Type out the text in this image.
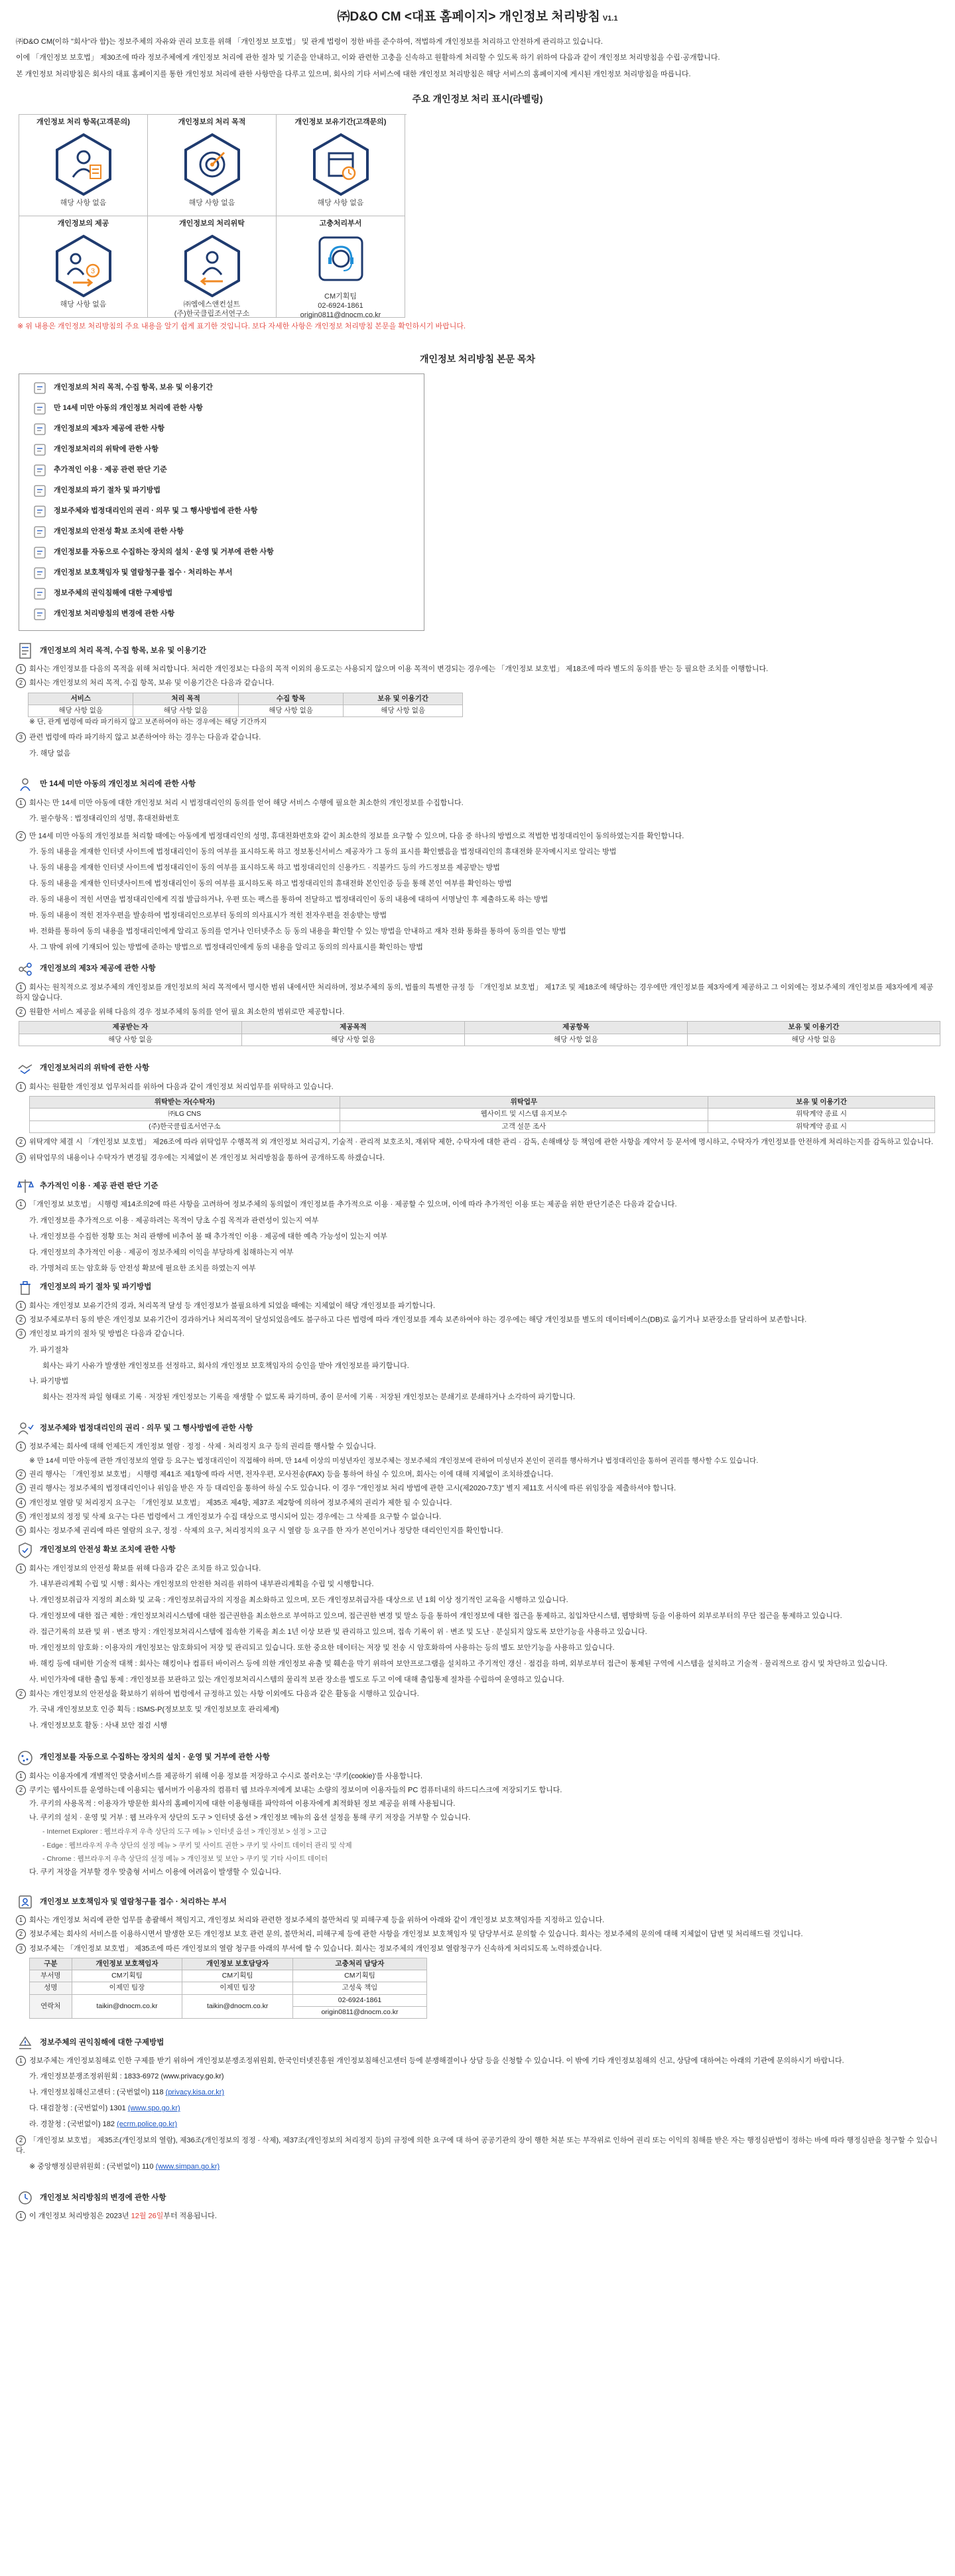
㈜D&O CM <대표 홈페이지> 개인정보 처리방침 V1.1

㈜D&O CM(이하 "회사"라 함)는 정보주체의 자유와 권리 보호를 위해 「개인정보 보호법」 및 관계 법령이 정한 바를 준수하여, 적법하게 개인정보를 처리하고 안전하게 관리하고 있습니다.

이에 「개인정보 보호법」 제30조에 따라 정보주체에게 개인정보 처리에 관한 절차 및 기준을 안내하고, 이와 관련한 고충을 신속하고 원활하게 처리할 수 있도록 하기 위하여 다음과 같이 개인정보 처리방침을 수립·공개합니다.

본 개인정보 처리방침은 회사의 대표 홈페이지를 통한 개인정보 처리에 관한 사항만을 다루고 있으며, 회사의 기타 서비스에 대한 개인정보 처리방침은 해당 서비스의 홈페이지에 게시된 개인정보 처리방침을 따릅니다.

주요 개인정보 처리 표시(라벨링)
개인정보 처리 항목(고객문의)
해당 사항 없음
개인정보의 처리 목적
해당 사항 없음
개인정보 보유기간(고객문의)
해당 사항 없음
개인정보의 제공
3
해당 사항 없음
개인정보의 처리위탁
㈜엠에스앤컨설트
(주)한국클립조서연구소
고충처리부서
CM기획팀
02-6924-1861
origin0811@dnocm.co.kr
※ 위 내용은 개인정보 처리방침의 주요 내용을 알기 쉽게 표기한 것입니다. 보다 자세한 사항은 개인정보 처리방침 본문을 확인하시기 바랍니다.
개인정보 처리방침 본문 목차
개인정보의 처리 목적, 수집 항목, 보유 및 이용기간
만 14세 미만 아동의 개인정보 처리에 관한 사항
개인정보의 제3자 제공에 관한 사항
개인정보처리의 위탁에 관한 사항
추가적인 이용 · 제공 관련 판단 기준
개인정보의 파기 절차 및 파기방법
정보주체와 법정대리인의 권리 · 의무 및 그 행사방법에 관한 사항
개인정보의 안전성 확보 조치에 관한 사항
개인정보를 자동으로 수집하는 장치의 설치 · 운영 및 거부에 관한 사항
개인정보 보호책임자 및 열람청구를 접수 · 처리하는 부서
정보주체의 권익침해에 대한 구제방법
개인정보 처리방침의 변경에 관한 사항
개인정보의 처리 목적, 수집 항목, 보유 및 이용기간
1 회사는 개인정보를 다음의 목적을 위해 처리합니다. 처리한 개인정보는 다음의 목적 이외의 용도로는 사용되지 않으며 이용 목적이 변경되는 경우에는 「개인정보 보호법」 제18조에 따라 별도의 동의를 받는 등 필요한 조치를 이행합니다.
2 회사는 개인정보의 처리 목적, 수집 항목, 보유 및 이용기간은 다음과 같습니다.
서비스	처리 목적	수집 항목	보유 및 이용기간
해당 사항 없음	해당 사항 없음	해당 사항 없음	해당 사항 없음
※ 단, 관계 법령에 따라 파기하지 않고 보존하여야 하는 경우에는 해당 기간까지
3 관련 법령에 따라 파기하지 않고 보존하여야 하는 경우는 다음과 같습니다.
가. 해당 없음
만 14세 미만 아동의 개인정보 처리에 관한 사항
1 회사는 만 14세 미만 아동에 대한 개인정보 처리 시 법정대리인의 동의를 얻어 해당 서비스 수행에 필요한 최소한의 개인정보를 수집합니다.
가. 필수항목 : 법정대리인의 성명, 휴대전화번호
2 만 14세 미만 아동의 개인정보를 처리할 때에는 아동에게 법정대리인의 성명, 휴대전화번호와 같이 최소한의 정보를 요구할 수 있으며, 다음 중 하나의 방법으로 적법한 법정대리인이 동의하였는지를 확인합니다.
가. 동의 내용을 게재한 인터넷 사이트에 법정대리인이 동의 여부를 표시하도록 하고 정보통신서비스 제공자가 그 동의 표시를 확인했음을 법정대리인의 휴대전화 문자메시지로 알리는 방법
나. 동의 내용을 게재한 인터넷 사이트에 법정대리인이 동의 여부를 표시하도록 하고 법정대리인의 신용카드 · 직불카드 등의 카드정보를 제공받는 방법
다. 동의 내용을 게재한 인터넷사이트에 법정대리인이 동의 여부를 표시하도록 하고 법정대리인의 휴대전화 본인인증 등을 통해 본인 여부를 확인하는 방법
라. 동의 내용이 적힌 서면을 법정대리인에게 직접 발급하거나, 우편 또는 팩스를 통하여 전달하고 법정대리인이 동의 내용에 대하여 서명날인 후 제출하도록 하는 방법
마. 동의 내용이 적힌 전자우편을 발송하여 법정대리인으로부터 동의의 의사표시가 적힌 전자우편을 전송받는 방법
바. 전화를 통하여 동의 내용을 법정대리인에게 알리고 동의를 얻거나 인터넷주소 등 동의 내용을 확인할 수 있는 방법을 안내하고 재차 전화 통화를 통하여 동의를 얻는 방법
사. 그 밖에 위에 기재되어 있는 방법에 준하는 방법으로 법정대리인에게 동의 내용을 알리고 동의의 의사표시를 확인하는 방법
개인정보의 제3자 제공에 관한 사항
1 회사는 원칙적으로 정보주체의 개인정보를 개인정보의 처리 목적에서 명시한 범위 내에서만 처리하며, 정보주체의 동의, 법률의 특별한 규정 등 「개인정보 보호법」 제17조 및 제18조에 해당하는 경우에만 개인정보를 제3자에게 제공하고 그 이외에는 정보주체의 개인정보를 제3자에게 제공하지 않습니다.
2 원활한 서비스 제공을 위해 다음의 경우 정보주체의 동의를 얻어 필요 최소한의 범위로만 제공합니다.
제공받는 자	제공목적	제공항목	보유 및 이용기간
해당 사항 없음	해당 사항 없음	해당 사항 없음	해당 사항 없음
개인정보처리의 위탁에 관한 사항
1 회사는 원활한 개인정보 업무처리를 위하여 다음과 같이 개인정보 처리업무를 위탁하고 있습니다.
위탁받는 자(수탁자)	위탁업무	보유 및 이용기간
㈜LG CNS	웹사이트 및 시스템 유지보수	위탁계약 종료 시
(주)한국클립조서연구소	고객 설문 조사	위탁계약 종료 시
2 위탁계약 체결 시 「개인정보 보호법」 제26조에 따라 위탁업무 수행목적 외 개인정보 처리금지, 기술적 · 관리적 보호조치, 재위탁 제한, 수탁자에 대한 관리 · 감독, 손해배상 등 책임에 관한 사항을 계약서 등 문서에 명시하고, 수탁자가 개인정보를 안전하게 처리하는지를 감독하고 있습니다.
3 위탁업무의 내용이나 수탁자가 변경될 경우에는 지체없이 본 개인정보 처리방침을 통하여 공개하도록 하겠습니다.
추가적인 이용 · 제공 관련 판단 기준
1 「개인정보 보호법」 시행령 제14조의2에 따른 사항을 고려하여 정보주체의 동의없이 개인정보를 추가적으로 이용 · 제공할 수 있으며, 이에 따라 추가적인 이용 또는 제공을 위한 판단기준은 다음과 같습니다.
가. 개인정보를 추가적으로 이용 · 제공하려는 목적이 당초 수집 목적과 관련성이 있는지 여부
나. 개인정보를 수집한 정황 또는 처리 관행에 비추어 볼 때 추가적인 이용 · 제공에 대한 예측 가능성이 있는지 여부
다. 개인정보의 추가적인 이용 · 제공이 정보주체의 이익을 부당하게 침해하는지 여부
라. 가명처리 또는 암호화 등 안전성 확보에 필요한 조치를 하였는지 여부
개인정보의 파기 절차 및 파기방법
1 회사는 개인정보 보유기간의 경과, 처리목적 달성 등 개인정보가 불필요하게 되었을 때에는 지체없이 해당 개인정보를 파기합니다.
2 정보주체로부터 동의 받은 개인정보 보유기간이 경과하거나 처리목적이 달성되었음에도 불구하고 다른 법령에 따라 개인정보를 계속 보존하여야 하는 경우에는 해당 개인정보를 별도의 데이터베이스(DB)로 옮기거나 보관장소를 달리하여 보존합니다.
3 개인정보 파기의 절차 및 방법은 다음과 같습니다.
가. 파기절차
회사는 파기 사유가 발생한 개인정보를 선정하고, 회사의 개인정보 보호책임자의 승인을 받아 개인정보를 파기합니다.
나. 파기방법
회사는 전자적 파일 형태로 기록 · 저장된 개인정보는 기록을 재생할 수 없도록 파기하며, 종이 문서에 기록 · 저장된 개인정보는 분쇄기로 분쇄하거나 소각하여 파기합니다.
정보주체와 법정대리인의 권리 · 의무 및 그 행사방법에 관한 사항
1 정보주체는 회사에 대해 언제든지 개인정보 열람 · 정정 · 삭제 · 처리정지 요구 등의 권리를 행사할 수 있습니다.
※ 만 14세 미만 아동에 관한 개인정보의 열람 등 요구는 법정대리인이 직접해야 하며, 만 14세 이상의 미성년자인 정보주체는 정보주체의 개인정보에 관하여 미성년자 본인이 권리를 행사하거나 법정대리인을 통하여 권리를 행사할 수도 있습니다.
2 권리 행사는 「개인정보 보호법」 시행령 제41조 제1항에 따라 서면, 전자우편, 모사전송(FAX) 등을 통하여 하실 수 있으며, 회사는 이에 대해 지체없이 조치하겠습니다.
3 권리 행사는 정보주체의 법정대리인이나 위임을 받은 자 등 대리인을 통하여 하실 수도 있습니다. 이 경우 "개인정보 처리 방법에 관한 고시(제2020-7호)" 별지 제11호 서식에 따른 위임장을 제출하셔야 합니다.
4 개인정보 열람 및 처리정지 요구는 「개인정보 보호법」 제35조 제4항, 제37조 제2항에 의하여 정보주체의 권리가 제한 될 수 있습니다.
5 개인정보의 정정 및 삭제 요구는 다른 법령에서 그 개인정보가 수집 대상으로 명시되어 있는 경우에는 그 삭제를 요구할 수 없습니다.
6 회사는 정보주체 권리에 따른 열람의 요구, 정정 · 삭제의 요구, 처리정지의 요구 시 열람 등 요구를 한 자가 본인이거나 정당한 대리인인지를 확인합니다.
개인정보의 안전성 확보 조치에 관한 사항
1 회사는 개인정보의 안전성 확보를 위해 다음과 같은 조치를 하고 있습니다.
가. 내부관리계획 수립 및 시행 : 회사는 개인정보의 안전한 처리를 위하여 내부관리계획을 수립 및 시행합니다.
나. 개인정보취급자 지정의 최소화 및 교육 : 개인정보취급자의 지정을 최소화하고 있으며, 모든 개인정보취급자를 대상으로 년 1회 이상 정기적인 교육을 시행하고 있습니다.
다. 개인정보에 대한 접근 제한 : 개인정보처리시스템에 대한 접근권한을 최소한으로 부여하고 있으며, 접근권한 변경 및 말소 등을 통하여 개인정보에 대한 접근을 통제하고, 침입차단시스템, 웹방화벽 등을 이용하여 외부로부터의 무단 접근을 통제하고 있습니다.
라. 접근기록의 보관 및 위 · 변조 방지 : 개인정보처리시스템에 접속한 기록을 최소 1년 이상 보관 및 관리하고 있으며, 접속 기록이 위 · 변조 및 도난 · 분실되지 않도록 보안기능을 사용하고 있습니다.
마. 개인정보의 암호화 : 이용자의 개인정보는 암호화되어 저장 및 관리되고 있습니다. 또한 중요한 데이터는 저장 및 전송 시 암호화하여 사용하는 등의 별도 보안기능을 사용하고 있습니다.
바. 해킹 등에 대비한 기술적 대책 : 회사는 해킹이나 컴퓨터 바이러스 등에 의한 개인정보 유출 및 훼손을 막기 위하여 보안프로그램을 설치하고 주기적인 갱신 · 점검을 하며, 외부로부터 접근이 통제된 구역에 시스템을 설치하고 기술적 · 물리적으로 감시 및 차단하고 있습니다.
사. 비인가자에 대한 출입 통제 : 개인정보를 보관하고 있는 개인정보처리시스템의 물리적 보관 장소를 별도로 두고 이에 대해 출입통제 절차를 수립하여 운영하고 있습니다.
2 회사는 개인정보의 안전성을 확보하기 위하여 법령에서 규정하고 있는 사항 이외에도 다음과 같은 활동을 시행하고 있습니다.
가. 국내 개인정보보호 인증 획득 : ISMS-P(정보보호 및 개인정보보호 관리체계)
나. 개인정보보호 활동 : 사내 보안 점검 시행
개인정보를 자동으로 수집하는 장치의 설치 · 운영 및 거부에 관한 사항
1 회사는 이용자에게 개별적인 맞춤서비스를 제공하기 위해 이용 정보를 저장하고 수시로 불러오는 '쿠키(cookie)'를 사용합니다.
2 쿠키는 웹사이트를 운영하는데 이용되는 웹서버가 이용자의 컴퓨터 웹 브라우저에게 보내는 소량의 정보이며 이용자들의 PC 컴퓨터내의 하드디스크에 저장되기도 합니다.
가. 쿠키의 사용목적 : 이용자가 방문한 회사의 홈페이지에 대한 이용형태를 파악하여 이용자에게 최적화된 정보 제공을 위해 사용됩니다.
나. 쿠키의 설치 · 운영 및 거부 : 웹 브라우저 상단의 도구 > 인터넷 옵션 > 개인정보 메뉴의 옵션 설정을 통해 쿠키 저장을 거부할 수 있습니다.
- Internet Explorer : 웹브라우저 우측 상단의 도구 메뉴 > 인터넷 옵션 > 개인정보 > 설정 > 고급
- Edge : 웹브라우저 우측 상단의 설정 메뉴 > 쿠키 및 사이트 권한 > 쿠키 및 사이트 데이터 관리 및 삭제
- Chrome : 웹브라우저 우측 상단의 설정 메뉴 > 개인정보 및 보안 > 쿠키 및 기타 사이트 데이터
다. 쿠키 저장을 거부할 경우 맞춤형 서비스 이용에 어려움이 발생할 수 있습니다.
개인정보 보호책임자 및 열람청구를 접수 · 처리하는 부서
1 회사는 개인정보 처리에 관한 업무를 총괄해서 책임지고, 개인정보 처리와 관련한 정보주체의 불만처리 및 피해구제 등을 위하여 아래와 같이 개인정보 보호책임자를 지정하고 있습니다.
2 정보주체는 회사의 서비스를 이용하시면서 발생한 모든 개인정보 보호 관련 문의, 불만처리, 피해구제 등에 관한 사항을 개인정보 보호책임자 및 담당부서로 문의할 수 있습니다. 회사는 정보주체의 문의에 대해 지체없이 답변 및 처리해드릴 것입니다.
3 정보주체는 「개인정보 보호법」 제35조에 따른 개인정보의 열람 청구를 아래의 부서에 할 수 있습니다. 회사는 정보주체의 개인정보 열람청구가 신속하게 처리되도록 노력하겠습니다.
구분	개인정보 보호책임자	개인정보 보호담당자	고충처리 담당자
부서명	CM기획팀	CM기획팀	CM기획팀
성명	이제민 팀장	이제민 팀장	고성욱 책임
연락처	taikin@dnocm.co.kr	taikin@dnocm.co.kr	02-6924-1861
			origin0811@dnocm.co.kr
정보주체의 권익침해에 대한 구제방법
1 정보주체는 개인정보침해로 인한 구제를 받기 위하여 개인정보분쟁조정위원회, 한국인터넷진흥원 개인정보침해신고센터 등에 분쟁해결이나 상담 등을 신청할 수 있습니다. 이 밖에 기타 개인정보침해의 신고, 상담에 대하여는 아래의 기관에 문의하시기 바랍니다.
가. 개인정보분쟁조정위원회 : 1833-6972 (www.privacy.go.kr)
나. 개인정보침해신고센터 : (국번없이) 118 (privacy.kisa.or.kr)
다. 대검찰청 : (국번없이) 1301 (www.spo.go.kr)
라. 경찰청 : (국번없이) 182 (ecrm.police.go.kr)
2 「개인정보 보호법」 제35조(개인정보의 열람), 제36조(개인정보의 정정 · 삭제), 제37조(개인정보의 처리정지 등)의 규정에 의한 요구에 대 하여 공공기관의 장이 행한 처분 또는 부작위로 인하여 권리 또는 이익의 침해를 받은 자는 행정심판법이 정하는 바에 따라 행정심판을 청구할 수 있습니다.
※ 중앙행정심판위원회 : (국번없이) 110 (www.simpan.go.kr)
개인정보 처리방침의 변경에 관한 사항
1 이 개인정보 처리방침은 2023년 12월 26일부터 적용됩니다.
